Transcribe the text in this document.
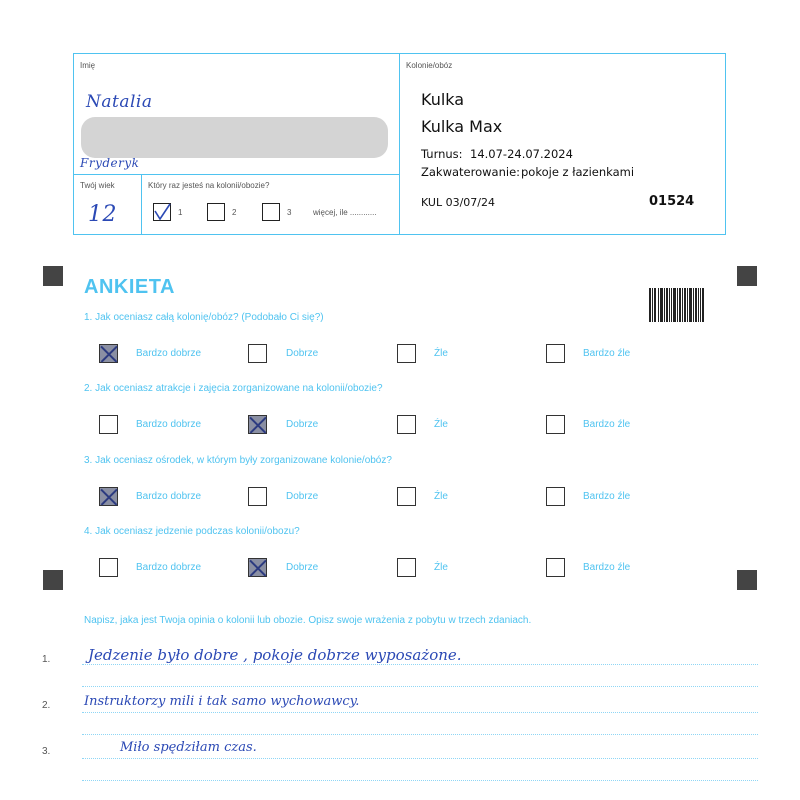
Imię
Natalia
Fryderyk
Twój wiek
12
Który raz jesteś na kolonii/obozie?
1	2	3	więcej, ile ............
Kolonie/obóz
Kulka
Kulka Max
Turnus: 14.07-24.07.2024
Zakwaterowanie: pokoje z łazienkami
KUL 03/07/24	01524
ANKIETA
1. Jak oceniasz całą kolonię/obóz? (Podobało Ci się?)
Bardzo dobrze	Dobrze	Źle	Bardzo źle
2. Jak oceniasz atrakcje i zajęcia zorganizowane na kolonii/obozie?
Bardzo dobrze	Dobrze	Źle	Bardzo źle
3. Jak oceniasz ośrodek, w którym były zorganizowane kolonie/obóz?
Bardzo dobrze	Dobrze	Źle	Bardzo źle
4. Jak oceniasz jedzenie podczas kolonii/obozu?
Bardzo dobrze	Dobrze	Źle	Bardzo źle
Napisz, jaka jest Twoja opinia o kolonii lub obozie. Opisz swoje wrażenia z pobytu w trzech zdaniach.
1.	Jedzenie było dobre , pokoje dobrze wyposażone.
2.	Instruktorzy mili i tak samo wychowawcy.
3.	Miło spędziłam czas.
